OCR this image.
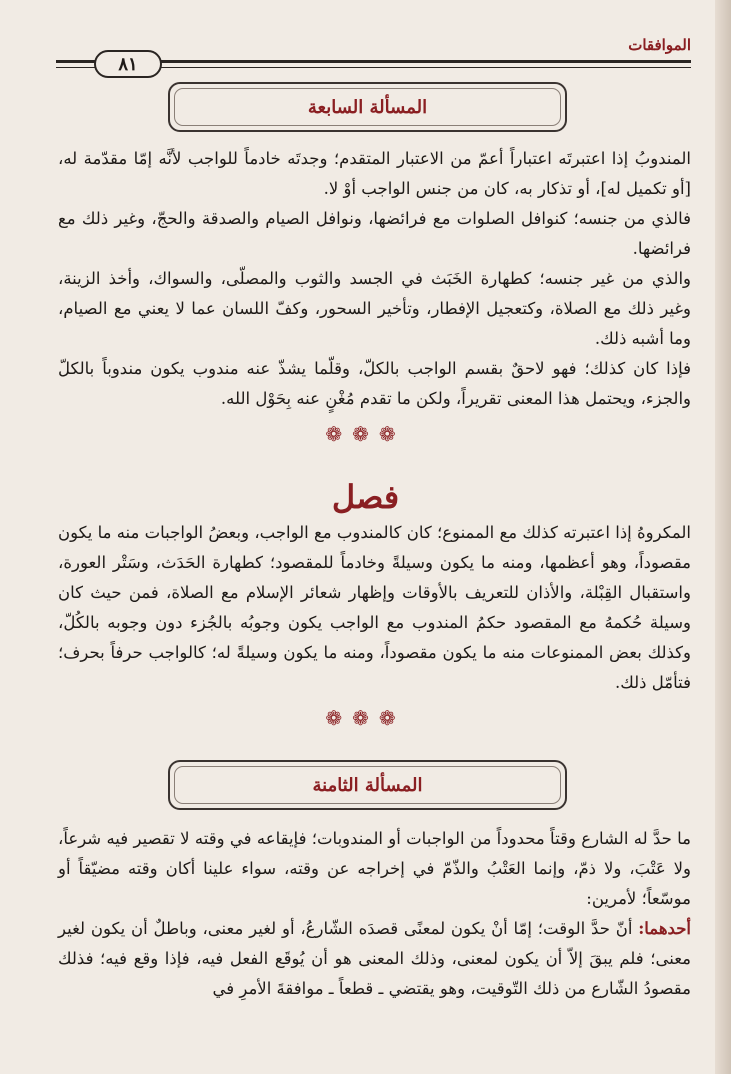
الموافقات
٨١
المسألة السابعة

المندوبُ إذا اعتبرتَه اعتباراً أعمّ من الاعتبار المتقدم؛ وجدتَه خادماً للواجب لأنَّه إمّا مقدّمة له، [أو تكميل له]، أو تذكار به، كان من جنس الواجب أوْ لا.

فالذي من جنسه؛ كنوافل الصلوات مع فرائضها، ونوافل الصيام والصدقة والحجّ، وغير ذلك مع فرائضها.

والذي من غير جنسه؛ كطهارة الخَبَث في الجسد والثوب والمصلّى، والسواك، وأخذ الزينة، وغير ذلك مع الصلاة، وكتعجيل الإفطار، وتأخير السحور، وكفّ اللسان عما لا يعني مع الصيام، وما أشبه ذلك.

فإذا كان كذلك؛ فهو لاحقٌ بقسم الواجب بالكلّ، وقلّما يشذّ عنه مندوب يكون مندوباً بالكلّ والجزء، ويحتمل هذا المعنى تقريراً، ولكن ما تقدم مُغْنٍ عنه بِحَوْل الله.

❁❁❁
فصل

المكروهُ إذا اعتبرته كذلك مع الممنوع؛ كان كالمندوب مع الواجب، وبعضُ الواجبات منه ما يكون مقصوداً، وهو أعظمها، ومنه ما يكون وسيلةً وخادماً للمقصود؛ كطهارة الحَدَث، وسَتْر العورة، واستقبال القِبْلة، والأذان للتعريف بالأوقات وإظهار شعائر الإسلام مع الصلاة، فمن حيث كان وسيلة حُكمهُ مع المقصود حكمُ المندوب مع الواجب يكون وجوبُه بالجُزء دون وجوبه بالكُلّ، وكذلك بعض الممنوعات منه ما يكون مقصوداً، ومنه ما يكون وسيلةً له؛ كالواجب حرفاً بحرف؛ فتأمّل ذلك.

❁❁❁
المسألة الثامنة

ما حدَّ له الشارع وقتاً محدوداً من الواجبات أو المندوبات؛ فإيقاعه في وقته لا تقصير فيه شرعاً، ولا عَتْبَ، ولا ذمّ، وإنما العَتْبُ والذّمّ في إخراجه عن وقته، سواء علينا أكان وقته مضيّقاً أو موسّعاً؛ لأمرين:

أحدهما: أنّ حدَّ الوقت؛ إمّا أنْ يكون لمعنًى قصدَه الشّارعُ، أو لغير معنى، وباطلٌ أن يكون لغير معنى؛ فلم يبقَ إلاّ أن يكون لمعنى، وذلك المعنى هو أن يُوقَع الفعل فيه، فإذا وقع فيه؛ فذلك مقصودُ الشّارع من ذلك التّوقيت، وهو يقتضي ـ قطعاً ـ موافقةَ الأمرِ في
